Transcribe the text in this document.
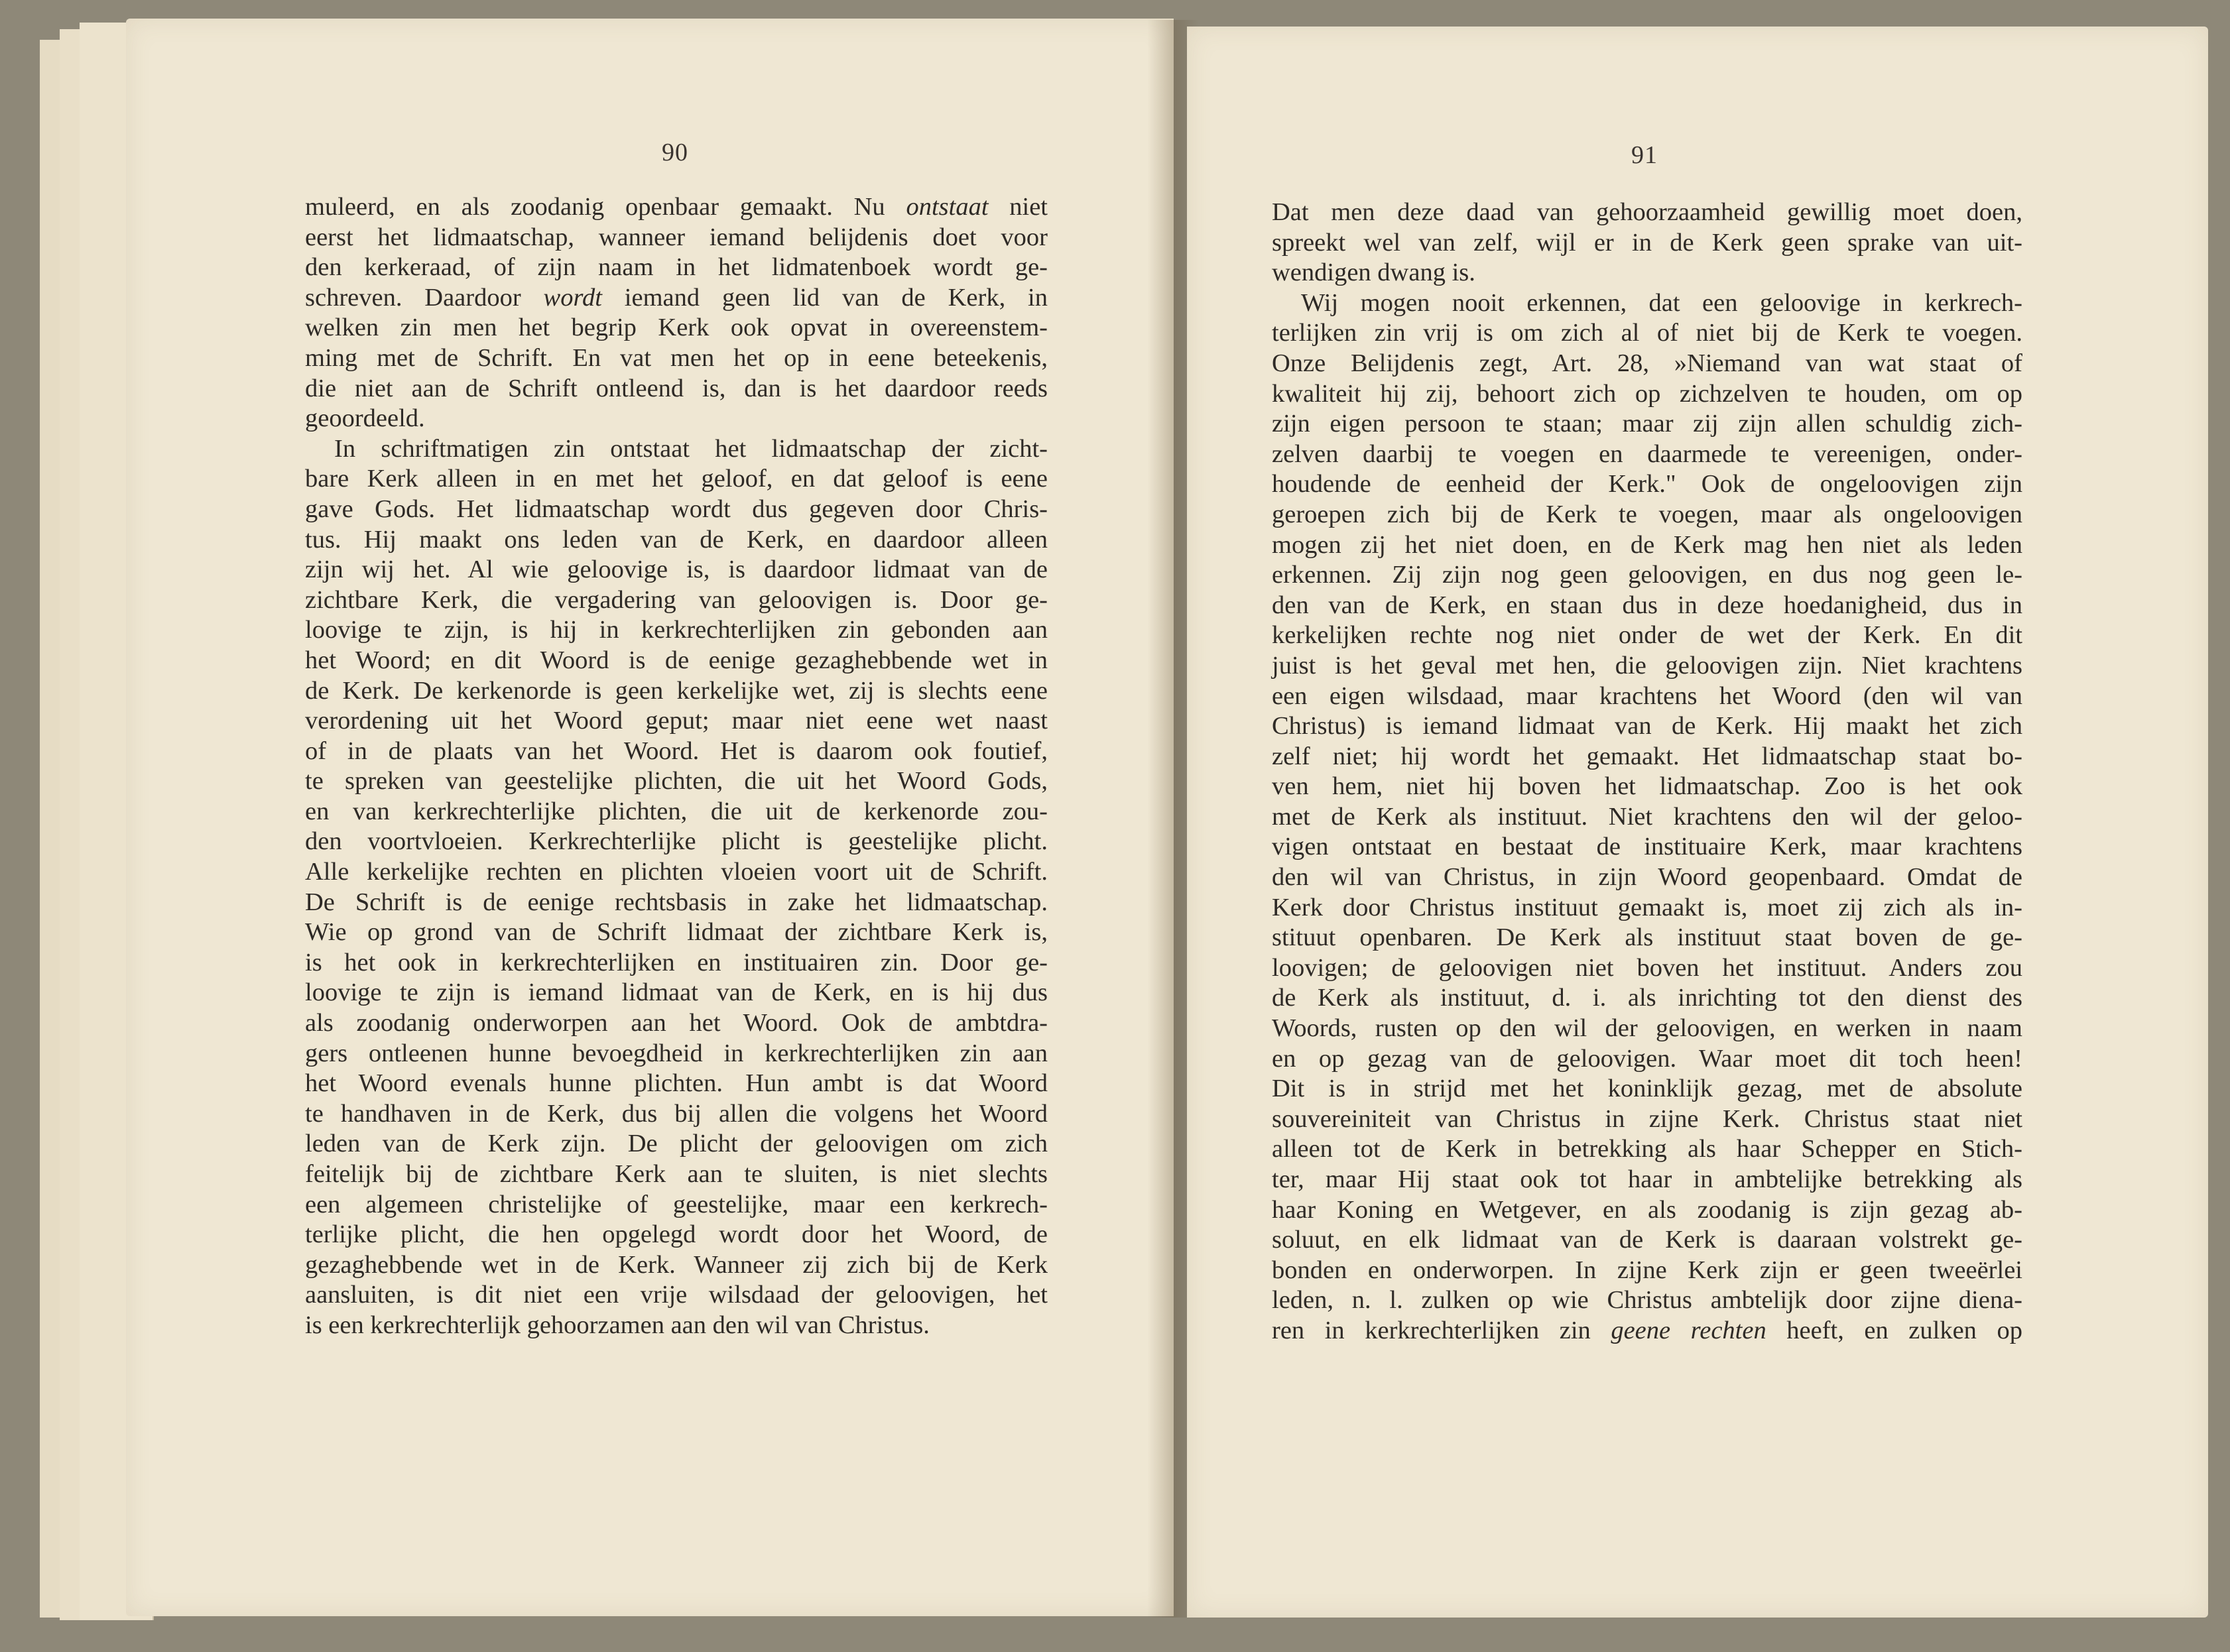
90
muleerd, en als zoodanig openbaar gemaakt. Nu ontstaat niet
eerst het lidmaatschap, wanneer iemand belijdenis doet voor
den kerkeraad, of zijn naam in het lidmatenboek wordt ge-
schreven. Daardoor wordt iemand geen lid van de Kerk, in
welken zin men het begrip Kerk ook opvat in overeenstem-
ming met de Schrift. En vat men het op in eene beteekenis,
die niet aan de Schrift ontleend is, dan is het daardoor reeds
geoordeeld.
In schriftmatigen zin ontstaat het lidmaatschap der zicht-
bare Kerk alleen in en met het geloof, en dat geloof is eene
gave Gods. Het lidmaatschap wordt dus gegeven door Chris-
tus. Hij maakt ons leden van de Kerk, en daardoor alleen
zijn wij het. Al wie geloovige is, is daardoor lidmaat van de
zichtbare Kerk, die vergadering van geloovigen is. Door ge-
loovige te zijn, is hij in kerkrechterlijken zin gebonden aan
het Woord; en dit Woord is de eenige gezaghebbende wet in
de Kerk. De kerkenorde is geen kerkelijke wet, zij is slechts eene
verordening uit het Woord geput; maar niet eene wet naast
of in de plaats van het Woord. Het is daarom ook foutief,
te spreken van geestelijke plichten, die uit het Woord Gods,
en van kerkrechterlijke plichten, die uit de kerkenorde zou-
den voortvloeien. Kerkrechterlijke plicht is geestelijke plicht.
Alle kerkelijke rechten en plichten vloeien voort uit de Schrift.
De Schrift is de eenige rechtsbasis in zake het lidmaatschap.
Wie op grond van de Schrift lidmaat der zichtbare Kerk is,
is het ook in kerkrechterlijken en instituairen zin. Door ge-
loovige te zijn is iemand lidmaat van de Kerk, en is hij dus
als zoodanig onderworpen aan het Woord. Ook de ambtdra-
gers ontleenen hunne bevoegdheid in kerkrechterlijken zin aan
het Woord evenals hunne plichten. Hun ambt is dat Woord
te handhaven in de Kerk, dus bij allen die volgens het Woord
leden van de Kerk zijn. De plicht der geloovigen om zich
feitelijk bij de zichtbare Kerk aan te sluiten, is niet slechts
een algemeen christelijke of geestelijke, maar een kerkrech-
terlijke plicht, die hen opgelegd wordt door het Woord, de
gezaghebbende wet in de Kerk. Wanneer zij zich bij de Kerk
aansluiten, is dit niet een vrije wilsdaad der geloovigen, het
is een kerkrechterlijk gehoorzamen aan den wil van Christus.
91
Dat men deze daad van gehoorzaamheid gewillig moet doen,
spreekt wel van zelf, wijl er in de Kerk geen sprake van uit-
wendigen dwang is.
Wij mogen nooit erkennen, dat een geloovige in kerkrech-
terlijken zin vrij is om zich al of niet bij de Kerk te voegen.
Onze Belijdenis zegt, Art. 28, »Niemand van wat staat of
kwaliteit hij zij, behoort zich op zichzelven te houden, om op
zijn eigen persoon te staan; maar zij zijn allen schuldig zich-
zelven daarbij te voegen en daarmede te vereenigen, onder-
houdende de eenheid der Kerk." Ook de ongeloovigen zijn
geroepen zich bij de Kerk te voegen, maar als ongeloovigen
mogen zij het niet doen, en de Kerk mag hen niet als leden
erkennen. Zij zijn nog geen geloovigen, en dus nog geen le-
den van de Kerk, en staan dus in deze hoedanigheid, dus in
kerkelijken rechte nog niet onder de wet der Kerk. En dit
juist is het geval met hen, die geloovigen zijn. Niet krachtens
een eigen wilsdaad, maar krachtens het Woord (den wil van
Christus) is iemand lidmaat van de Kerk. Hij maakt het zich
zelf niet; hij wordt het gemaakt. Het lidmaatschap staat bo-
ven hem, niet hij boven het lidmaatschap. Zoo is het ook
met de Kerk als instituut. Niet krachtens den wil der geloo-
vigen ontstaat en bestaat de instituaire Kerk, maar krachtens
den wil van Christus, in zijn Woord geopenbaard. Omdat de
Kerk door Christus instituut gemaakt is, moet zij zich als in-
stituut openbaren. De Kerk als instituut staat boven de ge-
loovigen; de geloovigen niet boven het instituut. Anders zou
de Kerk als instituut, d. i. als inrichting tot den dienst des
Woords, rusten op den wil der geloovigen, en werken in naam
en op gezag van de geloovigen. Waar moet dit toch heen!
Dit is in strijd met het koninklijk gezag, met de absolute
souvereiniteit van Christus in zijne Kerk. Christus staat niet
alleen tot de Kerk in betrekking als haar Schepper en Stich-
ter, maar Hij staat ook tot haar in ambtelijke betrekking als
haar Koning en Wetgever, en als zoodanig is zijn gezag ab-
soluut, en elk lidmaat van de Kerk is daaraan volstrekt ge-
bonden en onderworpen. In zijne Kerk zijn er geen tweeërlei
leden, n. l. zulken op wie Christus ambtelijk door zijne diena-
ren in kerkrechterlijken zin geene rechten heeft, en zulken op
